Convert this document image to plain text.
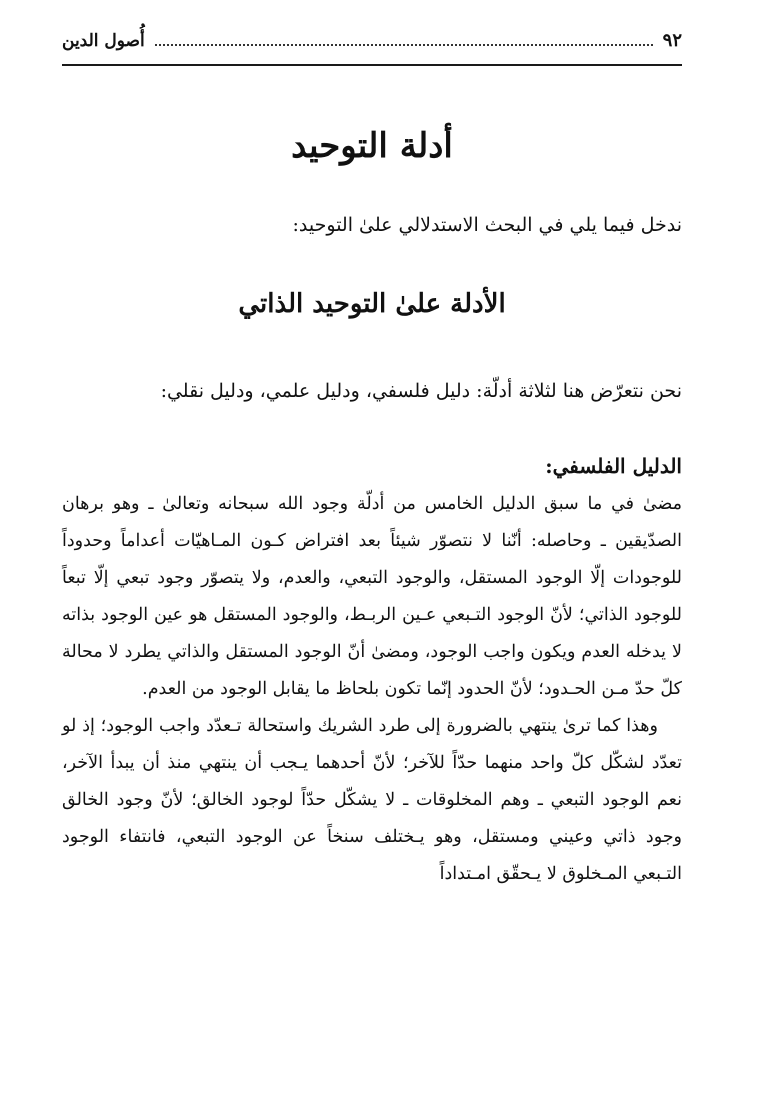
٩٢
أُصول الدين
أدلة التوحيد

ندخل فيما يلي في البحث الاستدلالي علىٰ التوحيد:

الأدلة علىٰ التوحيد الذاتي

نحن نتعرّض هنا لثلاثة أدلّة: دليل فلسفي، ودليل علمي، ودليل نقلي:

الدليل الفلسفي:

مضىٰ في ما سبق الدليل الخامس من أدلّة وجود الله سبحانه وتعالىٰ ـ وهو برهان الصدّيقين ـ وحاصله: أنّنا لا نتصوّر شيئاً بعد افتراض كـون المـاهيّات أعداماً وحدوداً للوجودات إلّا الوجود المستقل، والوجود التبعي، والعدم، ولا يتصوّر وجود تبعي إلّا تبعاً للوجود الذاتي؛ لأنّ الوجود التـبعي عـين الربـط، والوجود المستقل هو عين الوجود بذاته لا يدخله العدم ويكون واجب الوجود، ومضىٰ أنّ الوجود المستقل والذاتي يطرد لا محالة كلّ حدّ مـن الحـدود؛ لأنّ الحدود إنّما تكون بلحاظ ما يقابل الوجود من العدم.

وهذا كما ترىٰ ينتهي بالضرورة إلى طرد الشريك واستحالة تـعدّد واجب الوجود؛ إذ لو تعدّد لشكّل كلّ واحد منهما حدّاً للآخر؛ لأنّ أحدهما يـجب أن ينتهي منذ أن يبدأ الآخر، نعم الوجود التبعي ـ وهم المخلوقات ـ لا يشكّل حدّاً لوجود الخالق؛ لأنّ وجود الخالق وجود ذاتي وعيني ومستقل، وهو يـختلف سنخاً عن الوجود التبعي، فانتفاء الوجود التـبعي المـخلوق لا يـحقّق امـتداداً
